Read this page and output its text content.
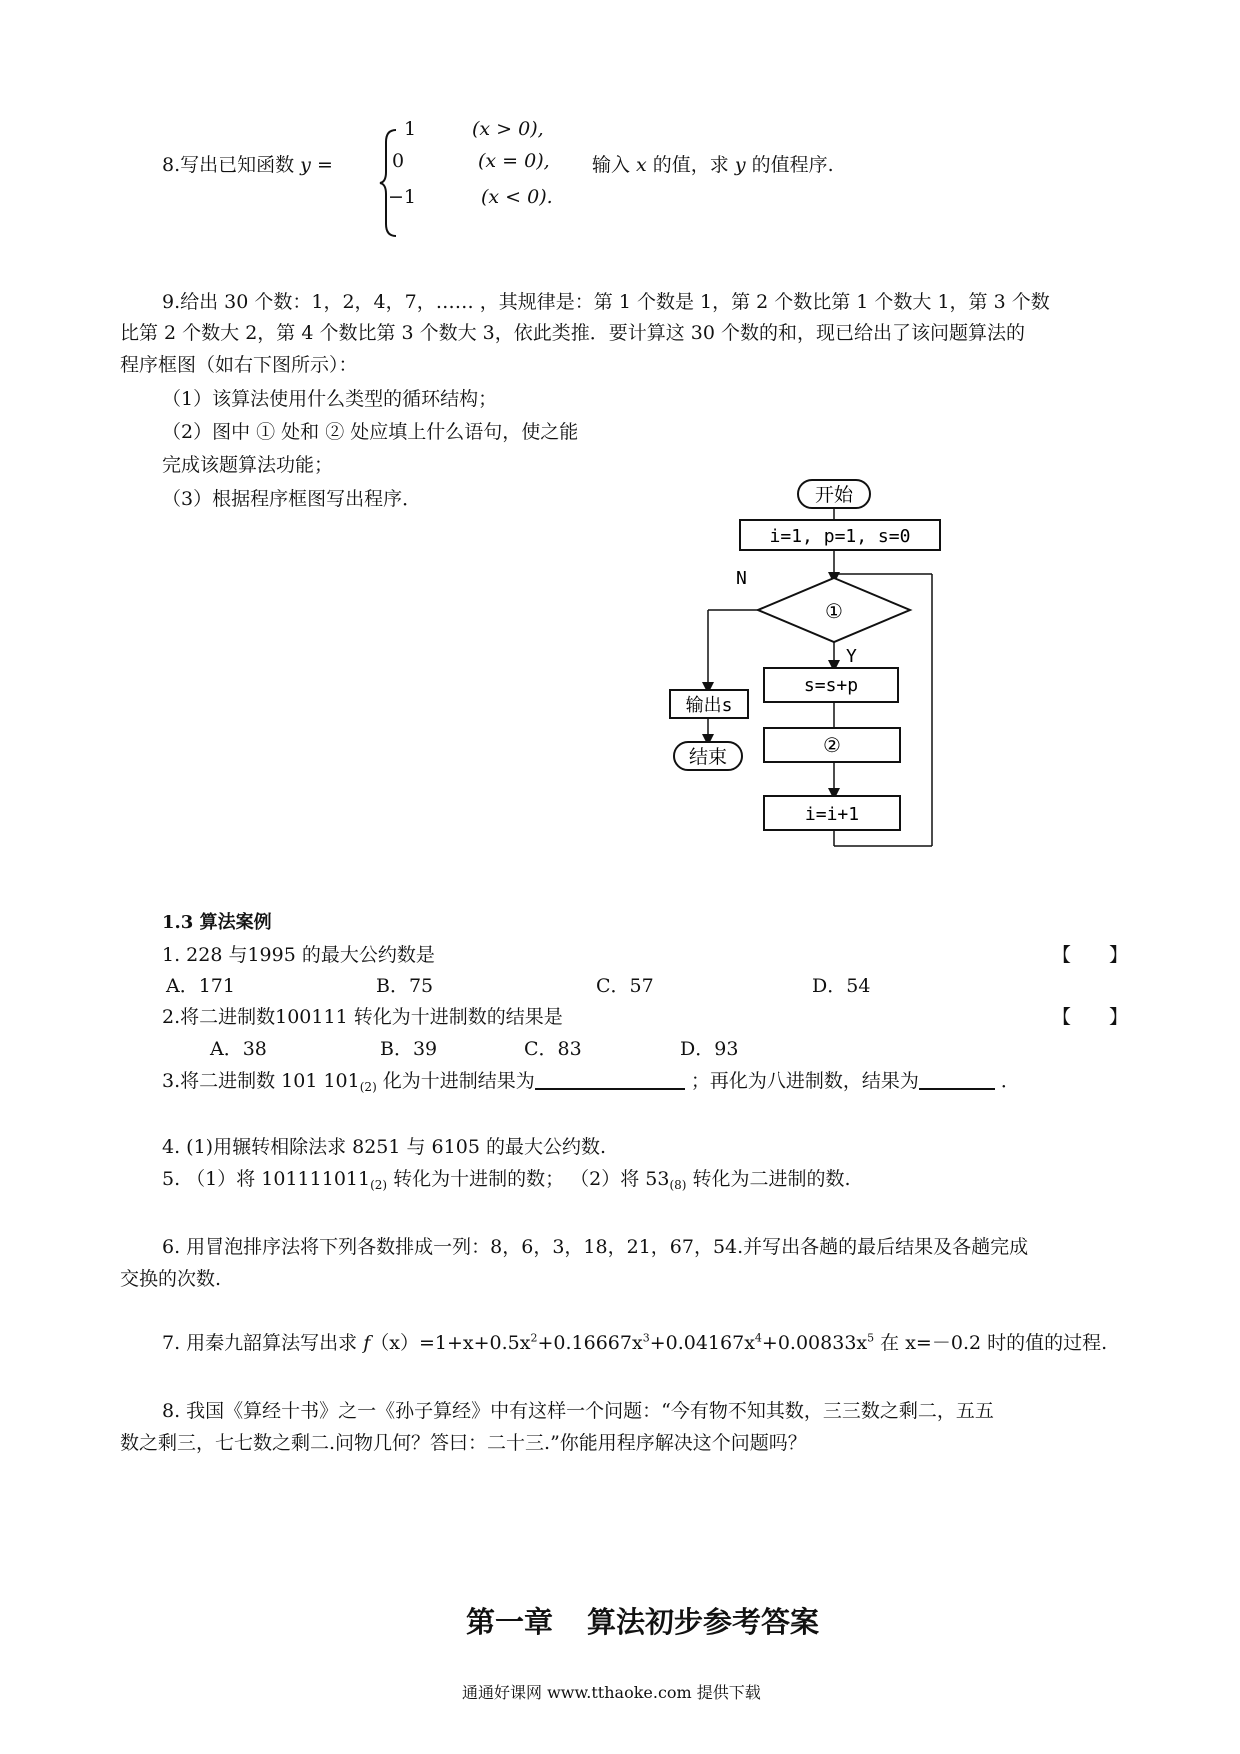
8.写出已知函数 y =
1	(x > 0),
0	(x = 0),
−1	(x < 0).
输入 x 的值，求 y 的值程序.
9.给出 30 个数：1，2，4，7，…… ，其规律是：第 1 个数是 1，第 2 个数比第 1 个数大 1，第 3 个数
比第 2 个数大 2，第 4 个数比第 3 个数大 3，依此类推．要计算这 30 个数的和，现已给出了该问题算法的
程序框图（如右下图所示）：
（1）该算法使用什么类型的循环结构；
（2）图中 ① 处和 ② 处应填上什么语句，使之能
完成该题算法功能；
（3）根据程序框图写出程序．	开始
i=1, p=1, s=0
①
N
输出s
结束
Y
s=s+p
②
i=i+1
1.3 算法案例
1. 228 与1995 的最大公约数是	【　　】
A．171	B．75	C．57	D．54
2.将二进制数100111 转化为十进制数的结果是	【　　】
A．38	B．39	C．83	D．93
3.将二进制数 101 $101_{(2)}$ 化为十进制结果为	；再化为八进制数，结果为	．
4. (1)用辗转相除法求 8251 与 6105 的最大公约数.
5. （1）将 $101111011_{(2)}$ 转化为十进制的数； （2）将 $53_{(8)}$ 转化为二进制的数.
6. 用冒泡排序法将下列各数排成一列：8，6，3，18，21，67，54.并写出各趟的最后结果及各趟完成
交换的次数.
7. 用秦九韶算法写出求 $f(x)=1+x+0.5x^2+0.16667x^3+0.04167x^4+0.00833x^5$ 在 x=－0.2 时的值的过程.
8. 我国《算经十书》之一《孙子算经》中有这样一个问题：“今有物不知其数，三三数之剩二，五五
数之剩三，七七数之剩二.问物几何？答曰：二十三.”你能用程序解决这个问题吗？
第一章 算法初步参考答案
通通好课网 www.tthaoke.com 提供下载
